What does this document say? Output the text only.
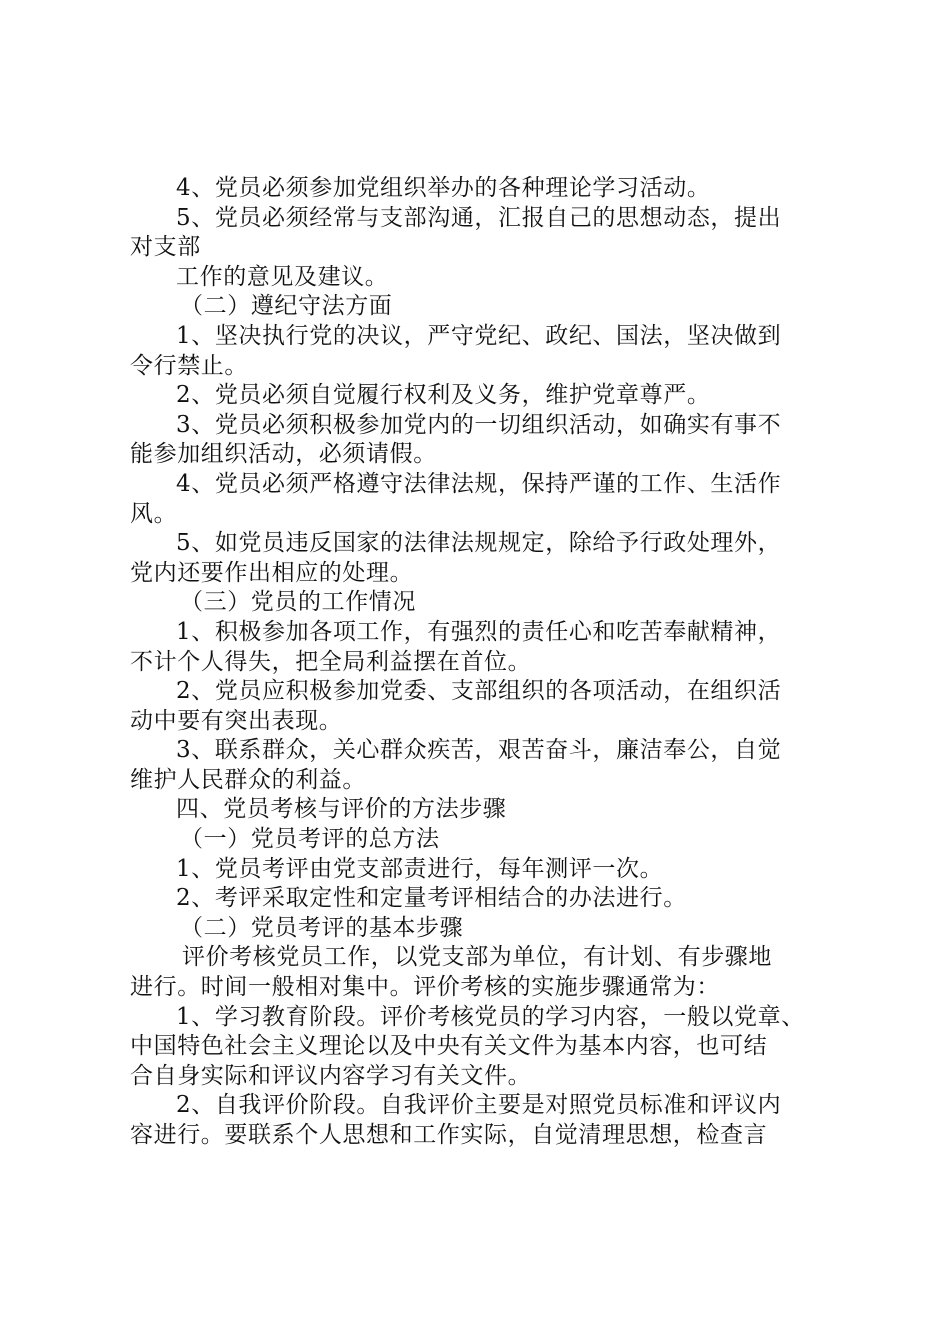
4、党员必须参加党组织举办的各种理论学习活动。
5、党员必须经常与支部沟通，汇报自己的思想动态，提出
对支部
工作的意见及建议。
（二）遵纪守法方面
1、坚决执行党的决议，严守党纪、政纪、国法，坚决做到
令行禁止。
2、党员必须自觉履行权利及义务，维护党章尊严。
3、党员必须积极参加党内的一切组织活动，如确实有事不
能参加组织活动，必须请假。
4、党员必须严格遵守法律法规，保持严谨的工作、生活作
风。
5、如党员违反国家的法律法规规定，除给予行政处理外，
党内还要作出相应的处理。
（三）党员的工作情况
1、积极参加各项工作，有强烈的责任心和吃苦奉献精神，
不计个人得失，把全局利益摆在首位。
2、党员应积极参加党委、支部组织的各项活动，在组织活
动中要有突出表现。
3、联系群众，关心群众疾苦，艰苦奋斗，廉洁奉公，自觉
维护人民群众的利益。
四、党员考核与评价的方法步骤
（一）党员考评的总方法
1、党员考评由党支部责进行，每年测评一次。
2、考评采取定性和定量考评相结合的办法进行。
（二）党员考评的基本步骤
评价考核党员工作，以党支部为单位，有计划、有步骤地
进行。时间一般相对集中。评价考核的实施步骤通常为：
1、学习教育阶段。评价考核党员的学习内容，一般以党章、
中国特色社会主义理论以及中央有关文件为基本内容，也可结
合自身实际和评议内容学习有关文件。
2、自我评价阶段。自我评价主要是对照党员标准和评议内
容进行。要联系个人思想和工作实际，自觉清理思想，检查言
